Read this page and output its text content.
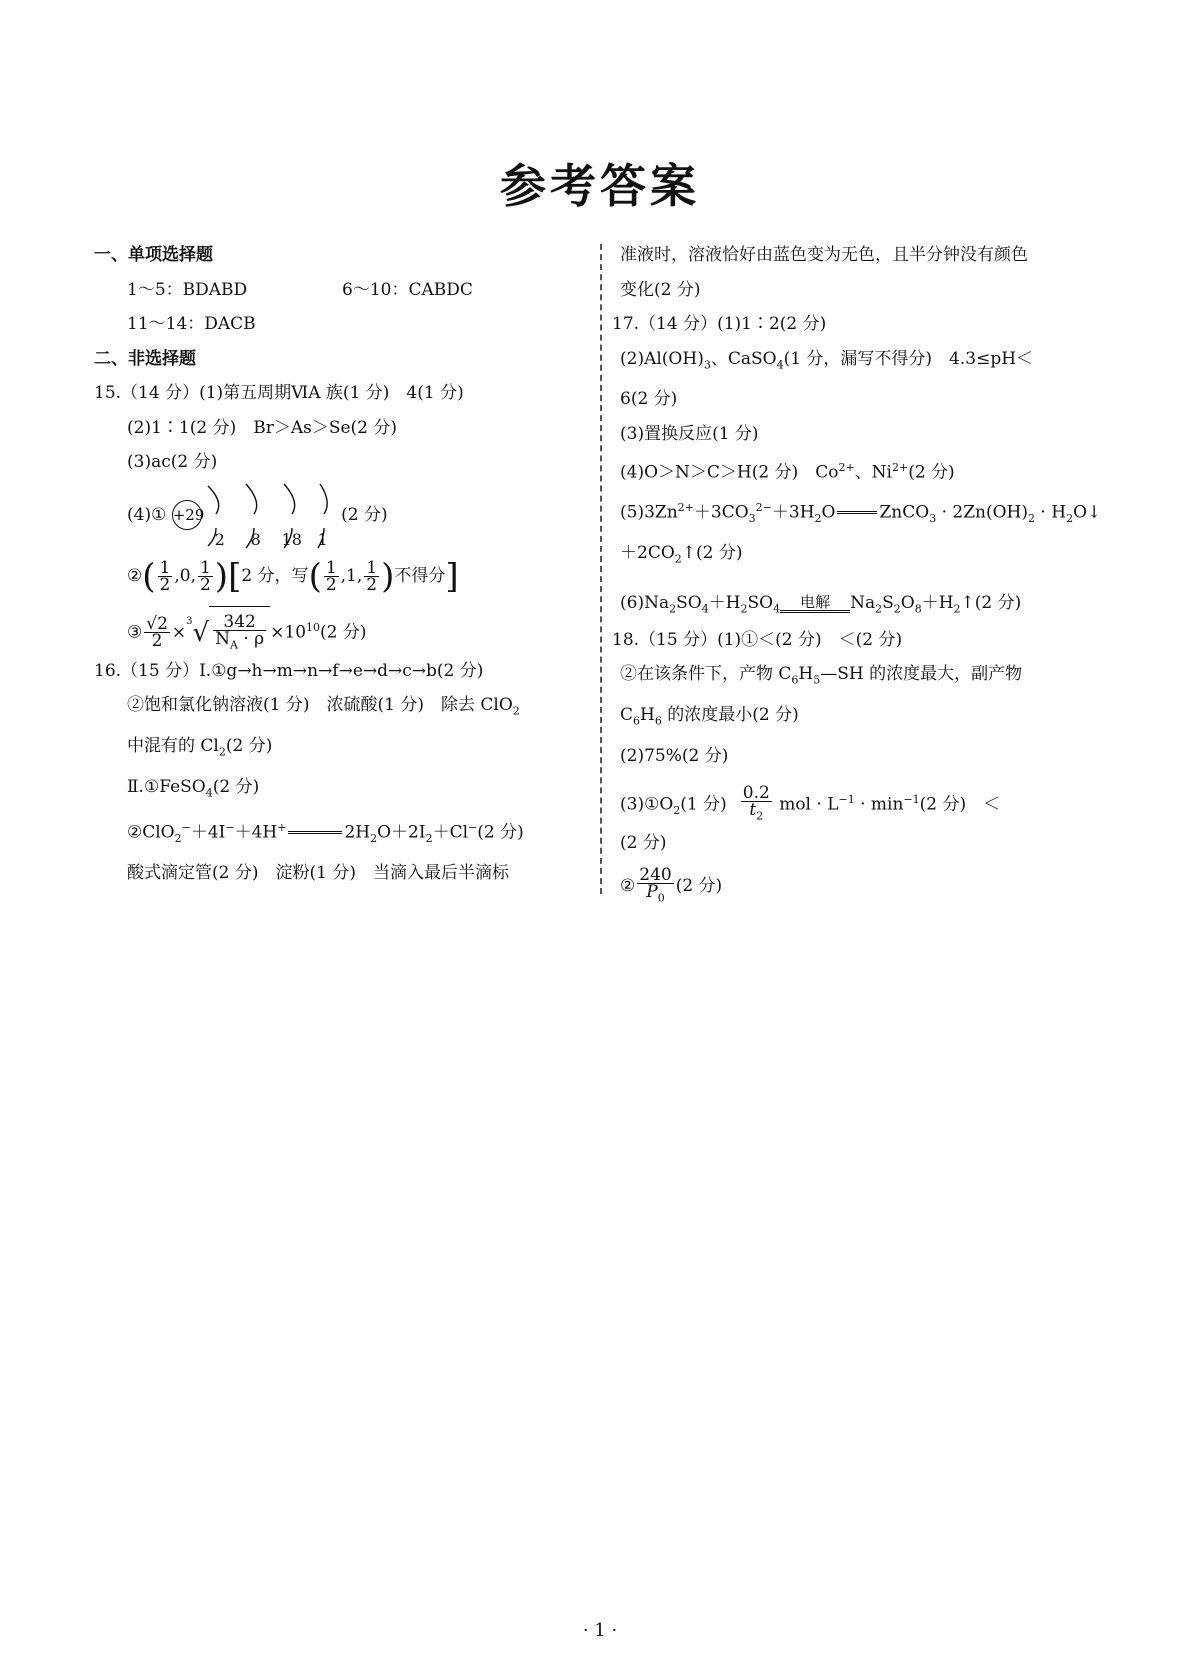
参考答案
一、单项选择题
1～5：BDABD	6～10：CABDC
11～14：DACB
二、非选择题
15.（14 分）(1)第五周期ⅥA 族(1 分)　4(1 分)
(2)1∶1(2 分)　Br＞As＞Se(2 分)
(3)ac(2 分)
(4)① +29
2	8	18 1
(2 分)
②( $\frac{1}{2} ,0$, $\frac{1}{2} )[2$ 分，写( $\frac{1}{2} ,1$, $\frac{1}{2}$ )不得分]
③ $\frac{√2}{2} \times^3√ \frac{342}{N_A \cdot \rho} \times 10^{10}(2$ 分)
16.（15 分）Ⅰ.①g→h→m→n→f→e→d→c→b(2 分)
②饱和氯化钠溶液(1 分)　浓硫酸(1 分)　除去 ClO$_2$
中混有的 $Cl_2(2$ 分)
Ⅱ.①FeSO$_4$(2 分)
②ClO$_2$−＋4I−＋4H+	$2H_2O+2I_2+Cl^-(2$ 分)
酸式滴定管(2 分)　淀粉(1 分)　当滴入最后半滴标
准液时，溶液恰好由蓝色变为无色，且半分钟没有颜色
变化(2 分)
17.（14 分）(1)1∶2(2 分)
$(2)Al(OH)_3$、CaSO$_4$(1 分，漏写不得分)　4.3≤pH＜
6(2 分)
(3)置换反应(1 分)
(4)O＞N＞C＞H(2 分)　$Co^{2+}$、$Ni^{2+}(2$ 分)
$(5)3Zn^{2+}+3CO_3^{2-}+3H_2O$	ZnCO$_3$ · $2Zn(OH)_2$ · $H_2O↓$
$+2CO_2↑(2$ 分)
$(6)Na_2SO_4+H_2SO_4$	电解	$Na_2S_2O_8+H_2↑(2$ 分)
18.（15 分）(1)①＜(2 分)　＜(2 分)
②在该条件下，产物 $C_6H_5—SH$ 的浓度最大，副产物
$C_6H_6$ 的浓度最小(2 分)
(2)75%(2 分)
$(3)①O_2(1$ 分) $\frac{0.2}{t_2}$ mol · $L^{-1} \cdot \min^{-1}(2$ 分)　＜
(2 分)
② $\frac{240}{P_0} (2$ 分)
· 1 ·
